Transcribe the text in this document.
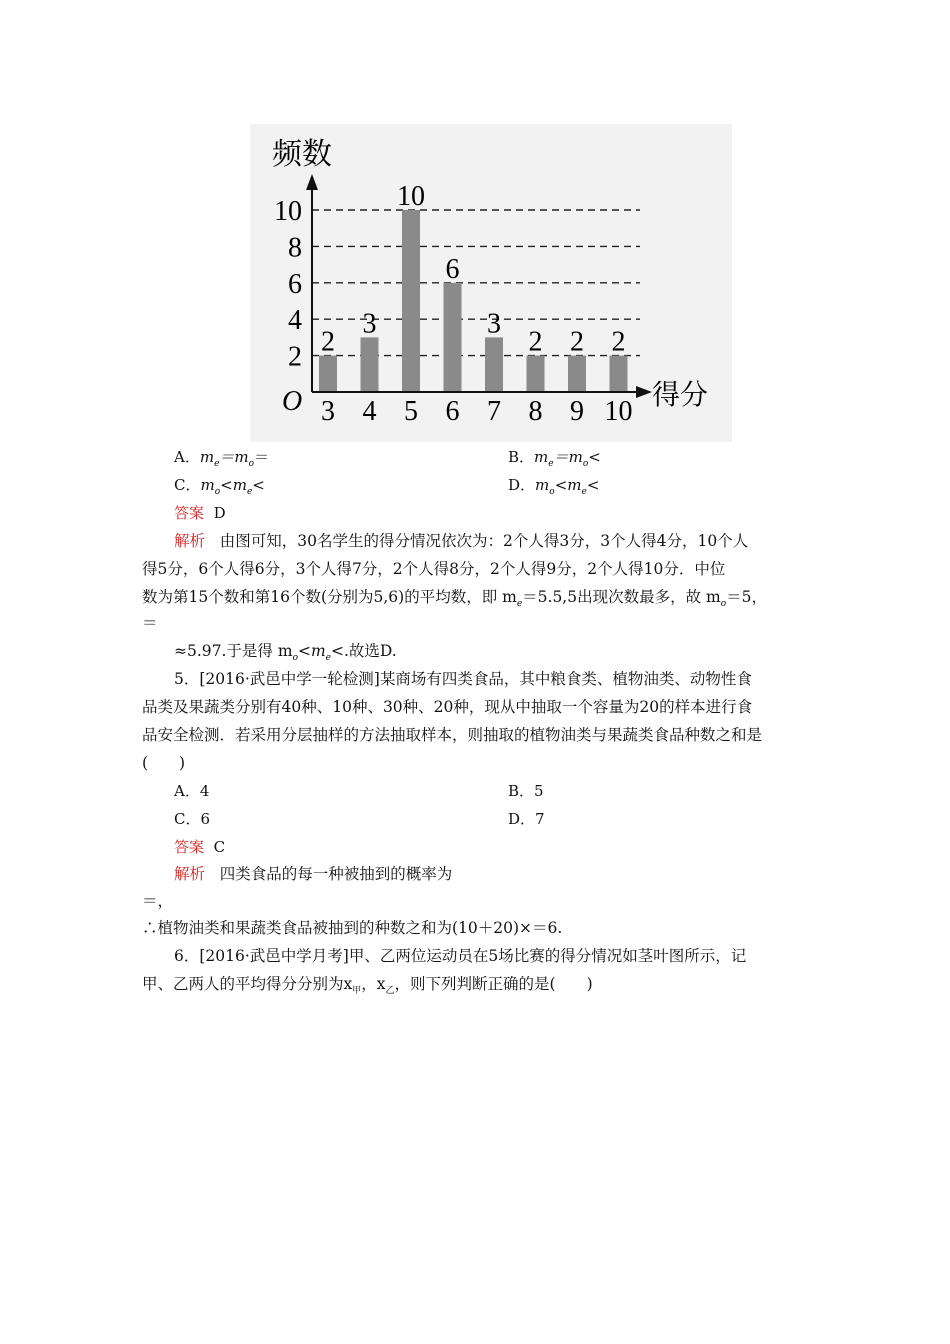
频数
得分
O
2
3
10
6
3
2 2 2
2
4
6
8
10
3 4 5 6 7 8 9 10
A．$m_e=m_o=$	B．$m_e=m_o<$
C．$m_o<m_e<$	D．$m_o<m_e<$
答案 D
解析 由图可知，30名学生的得分情况依次为：2个人得3分，3个人得4分，10个人
得5分，6个人得6分，3个人得7分，2个人得8分，2个人得9分，2个人得10分．中位
数为第15个数和第16个数(分别为5,6)的平均数，即 $m_e=5.5,5$出现次数最多，故 $m_o=5$，
＝
≈5.97.于是得 $m_o<m_e<$.故选D.
5．[2016·武邑中学一轮检测]某商场有四类食品，其中粮食类、植物油类、动物性食
品类及果蔬类分别有40种、10种、30种、20种，现从中抽取一个容量为20的样本进行食
品安全检测．若采用分层抽样的方法抽取样本，则抽取的植物油类与果蔬类食品种数之和是
(　　)
A．4	B．5
C．6	D．7
答案 C
解析 四类食品的每一种被抽到的概率为
＝，
∴植物油类和果蔬类食品被抽到的种数之和为(10＋20)×＝6.
6．[2016·武邑中学月考]甲、乙两位运动员在5场比赛的得分情况如茎叶图所示，记
甲、乙两人的平均得分分别为$x_甲$，$x_乙$，则下列判断正确的是(　　)
